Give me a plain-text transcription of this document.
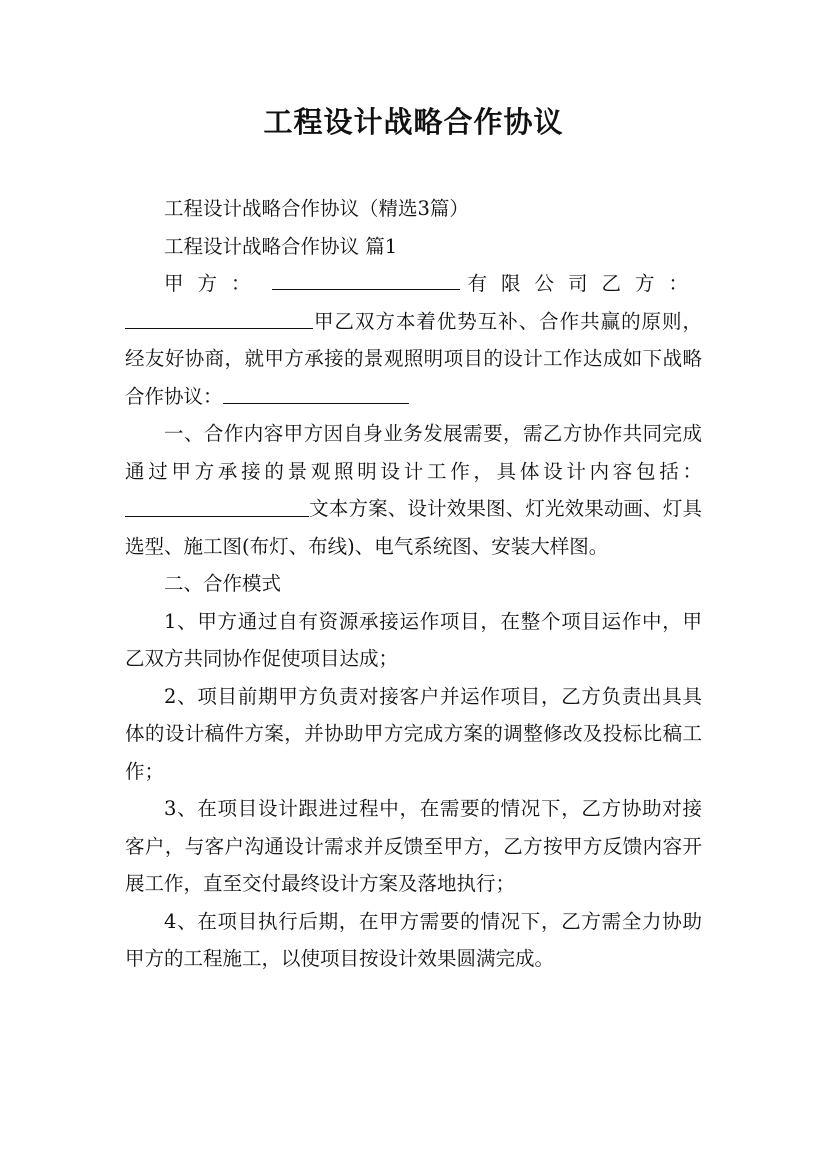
工程设计战略合作协议

工程设计战略合作协议（精选3篇）

工程设计战略合作协议 篇1

甲方：	有限公司乙方：

甲乙双方本着优势互补、合作共赢的原则，经友好协商，就甲方承接的景观照明项目的设计工作达成如下战略合作协议：

一、合作内容甲方因自身业务发展需要，需乙方协作共同完成通过甲方承接的景观照明设计工作，具体设计内容包括：文本方案、设计效果图、灯光效果动画、灯具选型、施工图(布灯、布线)、电气系统图、安装大样图。

二、合作模式

1、甲方通过自有资源承接运作项目，在整个项目运作中，甲乙双方共同协作促使项目达成；

2、项目前期甲方负责对接客户并运作项目，乙方负责出具具体的设计稿件方案，并协助甲方完成方案的调整修改及投标比稿工作；

3、在项目设计跟进过程中，在需要的情况下，乙方协助对接客户，与客户沟通设计需求并反馈至甲方，乙方按甲方反馈内容开展工作，直至交付最终设计方案及落地执行；

4、在项目执行后期，在甲方需要的情况下，乙方需全力协助甲方的工程施工，以使项目按设计效果圆满完成。
